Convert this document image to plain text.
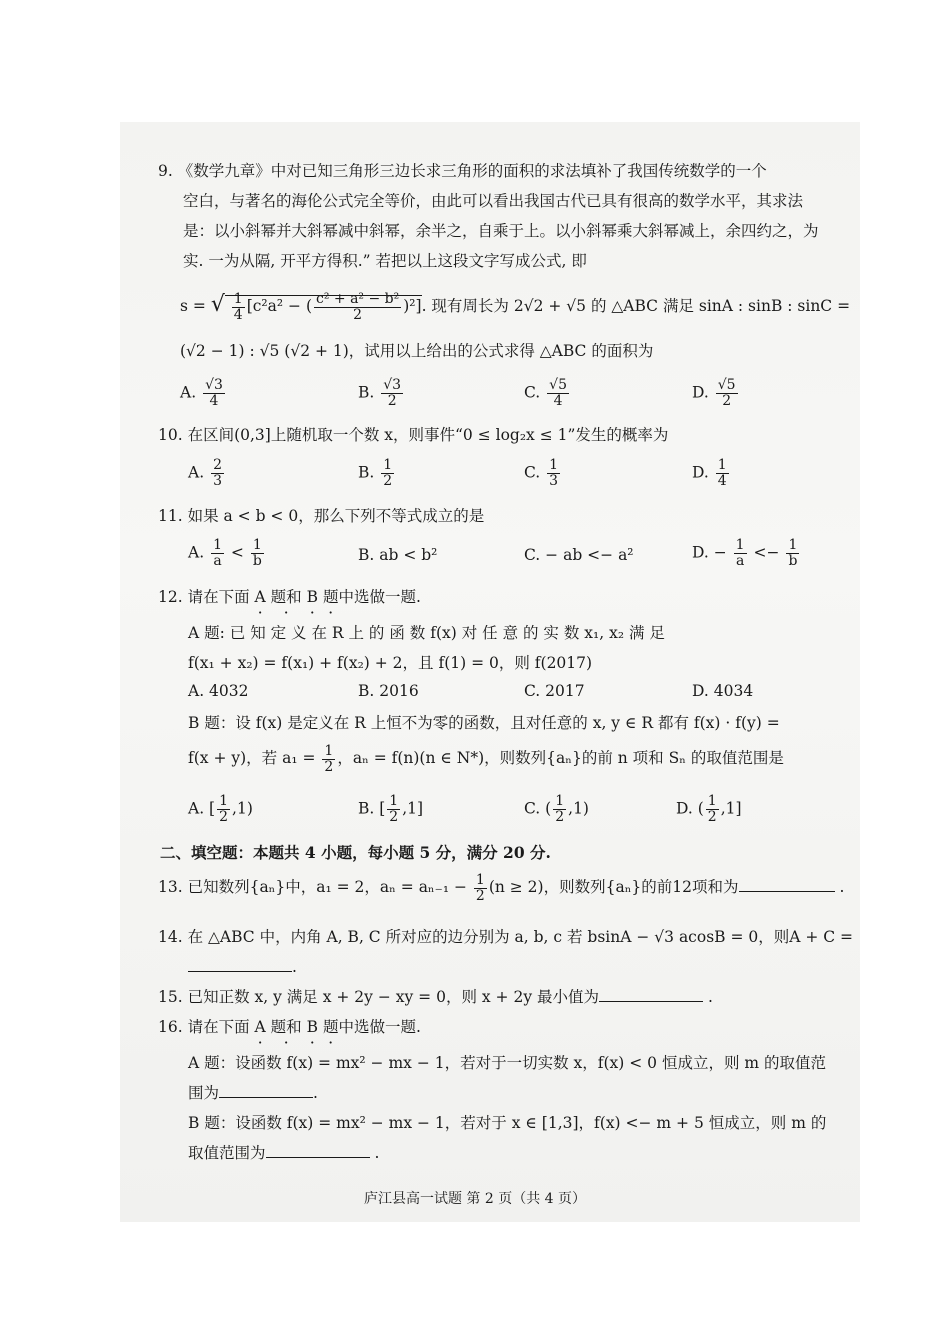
9. 《数学九章》中对已知三角形三边长求三角形的面积的求法填补了我国传统数学的一个
空白，与著名的海伦公式完全等价，由此可以看出我国古代已具有很高的数学水平，其求法
是：以小斜幂并大斜幂减中斜幂，余半之，自乘于上。以小斜幂乘大斜幂减上，余四约之，为
实. 一为从隔, 开平方得积.” 若把以上这段文字写成公式, 即
s = √ $\frac{1}{4} [c^2a^2$ − ( $\frac{\text{c² + a² − b²}}{2} )^2$]. 现有周长为 2√2 + √5 的 △ABC 满足 sinA : sinB : sinC =
(√2 − 1) : √5 (√2 + 1)，试用以上给出的公式求得 △ABC 的面积为
A. $\frac{√3}{4}$	B. $\frac{√3}{2}$	C. $\frac{√5}{4}$	D. $\frac{√5}{2}$
10. 在区间(0,3]上随机取一个数 x，则事件“0 ≤ log₂x ≤ 1”发生的概率为
A. $\frac{2}{3}$	B. $\frac{1}{2}$	C. $\frac{1}{3}$	D. $\frac{1}{4}$
11. 如果 a < b < 0，那么下列不等式成立的是
A. $\frac{1}{a} < \frac{1}{b}$	B. ab < b²	C. − ab <− a²	D. − $\frac{1}{a} <- \frac{1}{b}$
12. 请在下面 A · 题和 B · 题中选做一题.
A 题: 已 知 定 义 在 R 上 的 函 数 f(x) 对 任 意 的 实 数 x₁, x₂ 满 足
f(x₁ + x₂) = f(x₁) + f(x₂) + 2，且 f(1) = 0，则 f(2017)
A. 4032	B. 2016	C. 2017	D. 4034
B 题：设 f(x) 是定义在 R 上恒不为零的函数，且对任意的 x, y ∈ R 都有 f(x) · f(y) =
f(x + y)，若 $a_1 = \frac{1}{2}$ ，aₙ = f(n)(n ∈ N*)，则数列{aₙ}的前 n 项和 Sₙ 的取值范围是
A. [ $\frac{1}{2} ,1$)	B. [ $\frac{1}{2} ,1$]	C. ( $\frac{1}{2} ,1$)	D. ( $\frac{1}{2} ,1$]
二、填空题：本题共 4 小题，每小题 5 分，满分 20 分.
13. 已知数列{aₙ}中，a₁ = 2，$a_n = a_{n-1} - \frac{1}{2} (n \ge 2)$，则数列{aₙ}的前12项和为	.
14. 在 △ABC 中，内角 A, B, C 所对应的边分别为 a, b, c 若 bsinA − √3 acosB = 0，则A + C =
.
15. 已知正数 x, y 满足 x + 2y − xy = 0，则 x + 2y 最小值为	.
16. 请在下面 A · 题和 B · 题中选做一题.
A 题：设函数 f(x) = mx² − mx − 1，若对于一切实数 x，f(x) < 0 恒成立，则 m 的取值范
围为	.
B 题：设函数 f(x) = mx² − mx − 1，若对于 x ∈ [1,3]，f(x) <− m + 5 恒成立，则 m 的
取值范围为	.
庐江县高一试题 第 2 页（共 4 页）
